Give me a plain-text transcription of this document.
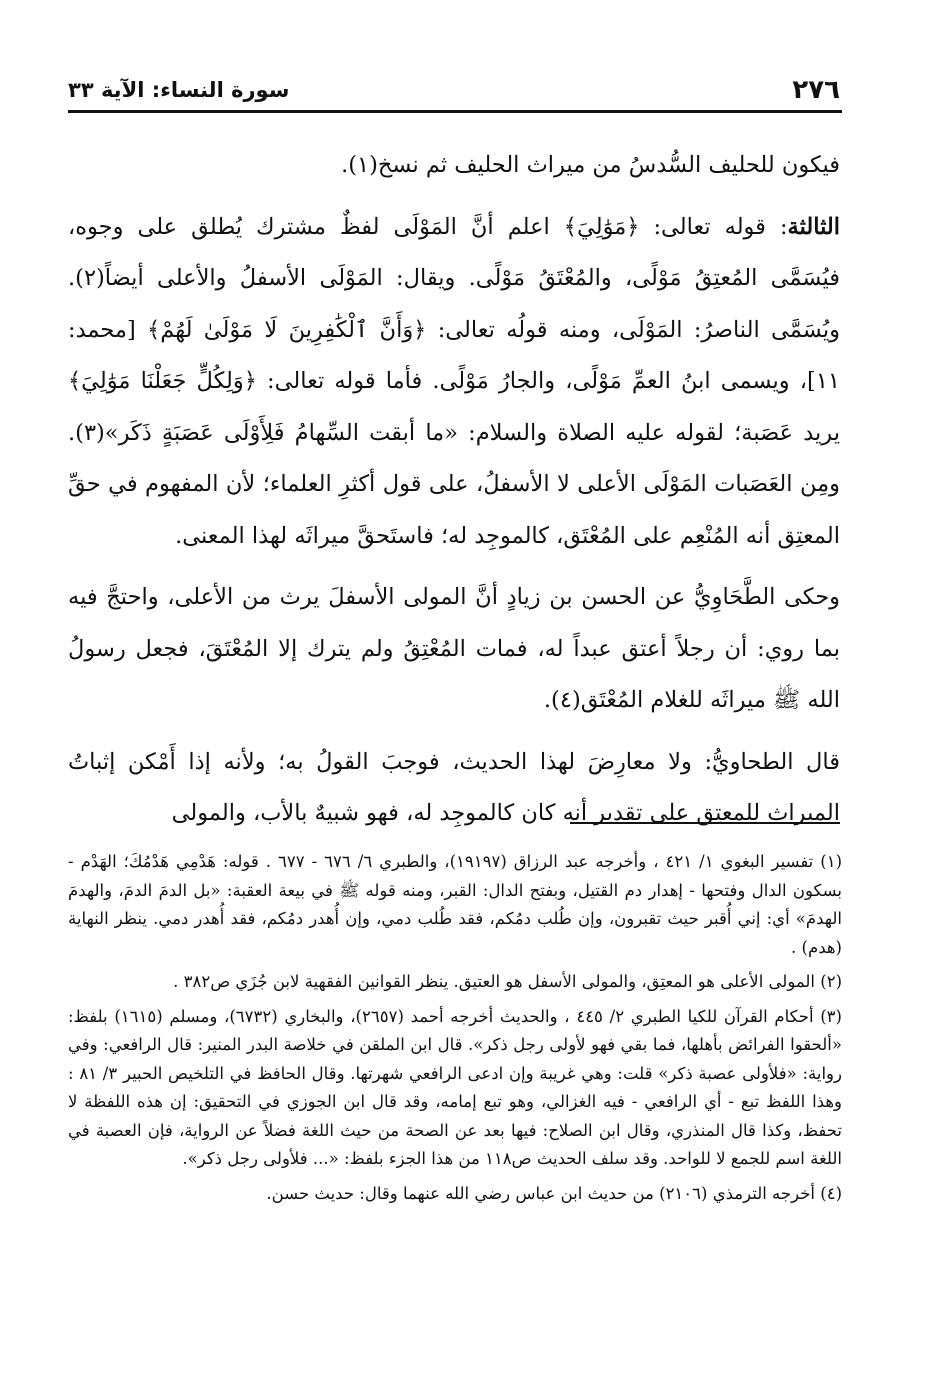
٢٧٦
سورة النساء: الآية ٣٣

فيكون للحليف السُّدسُ من ميراث الحليف ثم نسخ(١).

الثالثة: قوله تعالى: ﴿مَوَٰلِيَ﴾ اعلم أنَّ المَوْلَى لفظٌ مشترك يُطلق على وجوه، فيُسَمَّى المُعتِقُ مَوْلًى، والمُعْتَقُ مَوْلًى. ويقال: المَوْلَى الأسفلُ والأعلى أيضاً(٢). ويُسَمَّى الناصرُ: المَوْلَى، ومنه قولُه تعالى: ﴿وَأَنَّ ٱلْكَٰفِرِينَ لَا مَوْلَىٰ لَهُمْ﴾ [محمد: ١١]، ويسمى ابنُ العمِّ مَوْلًى، والجارُ مَوْلًى. فأما قوله تعالى: ﴿وَلِكُلٍّ جَعَلْنَا مَوَٰلِيَ﴾ يريد عَصَبة؛ لقوله عليه الصلاة والسلام: «ما أبقت السِّهامُ فَلِأَوْلَى عَصَبَةٍ ذَكَر»(٣). ومِن العَصَبات المَوْلَى الأعلى لا الأسفلُ، على قول أكثرِ العلماء؛ لأن المفهوم في حقِّ المعتِق أنه المُنْعِم على المُعْتَق، كالموجِد له؛ فاستَحقَّ ميراثَه لهذا المعنى.

وحكى الطَّحَاوِيُّ عن الحسن بن زيادٍ أنَّ المولى الأسفلَ يرث من الأعلى، واحتجَّ فيه بما روي: أن رجلاً أعتق عبداً له، فمات المُعْتِقُ ولم يترك إلا المُعْتَقَ، فجعل رسولُ الله ﷺ ميراثَه للغلام المُعْتَق(٤).

قال الطحاويُّ: ولا معارِضَ لهذا الحديث، فوجبَ القولُ به؛ ولأنه إذا أَمْكن إثباتُ الميراث للمعتِق على تقدير أنه كان كالموجِد له، فهو شبيهٌ بالأب، والمولى

(١) تفسير البغوي ١/ ٤٢١ ، وأخرجه عبد الرزاق (١٩١٩٧)، والطبري ٦/ ٦٧٦ - ٦٧٧ . قوله: هَدْمِي هَدْمُكَ؛ الهَدْم - بسكون الدال وفتحها - إهدار دم القتيل، وبفتح الدال: القبر، ومنه قوله ﷺ في بيعة العقبة: «بل الدمَ الدمَ، والهدمَ الهدمَ» أي: إني أُقبر حيث تقبرون، وإن طُلب دمُكم، فقد طُلب دمي، وإن أُهدر دمُكم، فقد أُهدر دمي. ينظر النهاية (هدم) .

(٢) المولى الأعلى هو المعتِق، والمولى الأسفل هو العتيق. ينظر القوانين الفقهية لابن جُزَي ص٣٨٢ .

(٣) أحكام القرآن للكيا الطبري ٢/ ٤٤٥ ، والحديث أخرجه أحمد (٢٦٥٧)، والبخاري (٦٧٣٢)، ومسلم (١٦١٥) بلفظ: «ألحقوا الفرائض بأهلها، فما بقي فهو لأولى رجل ذكر». قال ابن الملقن في خلاصة البدر المنير: قال الرافعي: وفي رواية: «فلأولى عصبة ذكر» قلت: وهي غريبة وإن ادعى الرافعي شهرتها. وقال الحافظ في التلخيص الحبير ٣/ ٨١ : وهذا اللفظ تبع - أي الرافعي - فيه الغزالي، وهو تبع إمامه، وقد قال ابن الجوزي في التحقيق: إن هذه اللفظة لا تحفظ، وكذا قال المنذري، وقال ابن الصلاح: فيها بعد عن الصحة من حيث اللغة فضلاً عن الرواية، فإن العصبة في اللغة اسم للجمع لا للواحد. وقد سلف الحديث ص١١٨ من هذا الجزء بلفظ: «... فلأولى رجل ذكر».

(٤) أخرجه الترمذي (٢١٠٦) من حديث ابن عباس رضي الله عنهما وقال: حديث حسن.
